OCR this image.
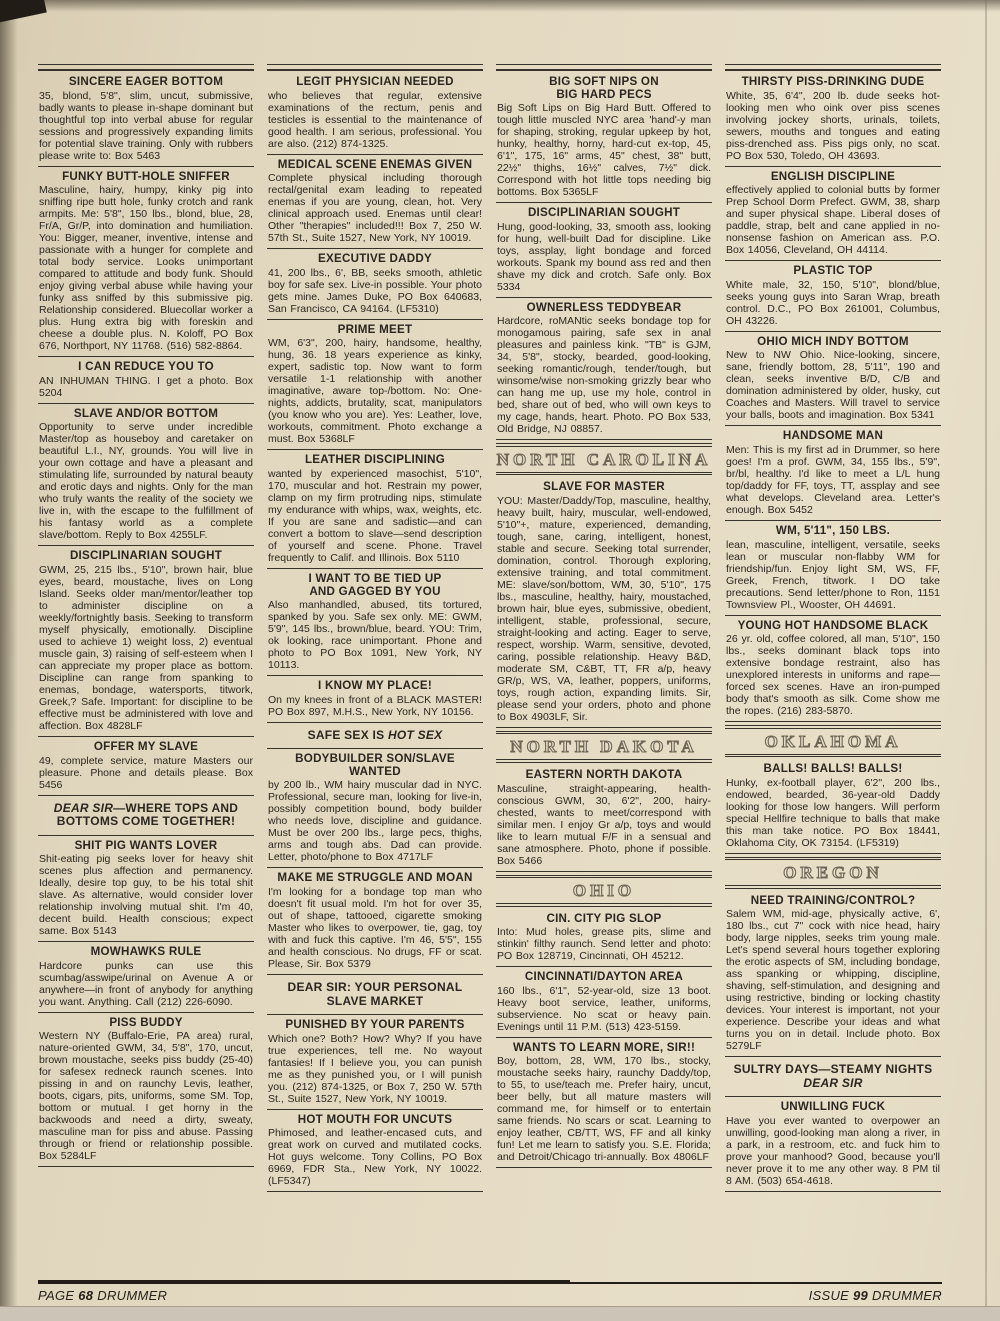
SINCERE EAGER BOTTOM

35, blond, 5'8", slim, uncut, submissive, badly wants to please in-shape dominant but thoughtful top into verbal abuse for regular sessions and progressively expanding limits for potential slave training. Only with rubbers please write to: Box 5463

FUNKY BUTT-HOLE SNIFFER

Masculine, hairy, humpy, kinky pig into sniffing ripe butt hole, funky crotch and rank armpits. Me: 5'8", 150 lbs., blond, blue, 28, Fr/A, Gr/P, into domination and humiliation. You: Bigger, meaner, inventive, intense and passionate with a hunger for complete and total body service. Looks unimportant compared to attitude and body funk. Should enjoy giving verbal abuse while having your funky ass sniffed by this submissive pig. Relationship considered. Bluecollar worker a plus. Hung extra big with foreskin and cheese a double plus. N. Koloff, PO Box 676, Northport, NY 11768. (516) 582-8864.

I CAN REDUCE YOU TO

AN INHUMAN THING. I get a photo. Box 5204

SLAVE AND/OR BOTTOM

Opportunity to serve under incredible Master/top as houseboy and caretaker on beautiful L.I., NY, grounds. You will live in your own cottage and have a pleasant and stimulating life, surrounded by natural beauty and erotic days and nights. Only for the man who truly wants the reality of the society we live in, with the escape to the fulfillment of his fantasy world as a complete slave/bottom. Reply to Box 4255LF.

DISCIPLINARIAN SOUGHT

GWM, 25, 215 lbs., 5'10", brown hair, blue eyes, beard, moustache, lives on Long Island. Seeks older man/mentor/leather top to administer discipline on a weekly/fortnightly basis. Seeking to transform myself physically, emotionally. Discipline used to achieve 1) weight loss, 2) eventual muscle gain, 3) raising of self-esteem when I can appreciate my proper place as bottom. Discipline can range from spanking to enemas, bondage, watersports, titwork, Greek,? Safe. Important: for discipline to be effective must be administered with love and affection. Box 4828LF

OFFER MY SLAVE

49, complete service, mature Masters our pleasure. Phone and details please. Box 5456

DEAR SIR—WHERE TOPS AND BOTTOMS COME TOGETHER!
SHIT PIG WANTS LOVER

Shit-eating pig seeks lover for heavy shit scenes plus affection and permanency. Ideally, desire top guy, to be his total shit slave. As alternative, would consider lover relationship involving mutual shit. I'm 40, decent build. Health conscious; expect same. Box 5143

MOWHAWKS RULE

Hardcore punks can use this scumbag/asswipe/urinal on Avenue A or anywhere—in front of anybody for anything you want. Anything. Call (212) 226-6090.

PISS BUDDY

Western NY (Buffalo-Erie, PA area) rural, nature-oriented GWM, 34, 5'8", 170, uncut, brown moustache, seeks piss buddy (25-40) for safesex redneck raunch scenes. Into pissing in and on raunchy Levis, leather, boots, cigars, pits, uniforms, some SM. Top, bottom or mutual. I get horny in the backwoods and need a dirty, sweaty, masculine man for piss and abuse. Passing through or friend or relationship possible. Box 5284LF

LEGIT PHYSICIAN NEEDED

who believes that regular, extensive examinations of the rectum, penis and testicles is essential to the maintenance of good health. I am serious, professional. You are also. (212) 874-1325.

MEDICAL SCENE ENEMAS GIVEN

Complete physical including thorough rectal/genital exam leading to repeated enemas if you are young, clean, hot. Very clinical approach used. Enemas until clear! Other "therapies" included!!! Box 7, 250 W. 57th St., Suite 1527, New York, NY 10019.

EXECUTIVE DADDY

41, 200 lbs., 6', BB, seeks smooth, athletic boy for safe sex. Live-in possible. Your photo gets mine. James Duke, PO Box 640683, San Francisco, CA 94164. (LF5310)

PRIME MEET

WM, 6'3", 200, hairy, handsome, healthy, hung, 36. 18 years experience as kinky, expert, sadistic top. Now want to form versatile 1-1 relationship with another imaginative, aware top-/bottom. No: One-nights, addicts, brutality, scat, manipulators (you know who you are). Yes: Leather, love, workouts, commitment. Photo exchange a must. Box 5368LF

LEATHER DISCIPLINING

wanted by experienced masochist, 5'10", 170, muscular and hot. Restrain my power, clamp on my firm protruding nips, stimulate my endurance with whips, wax, weights, etc. If you are sane and sadistic—and can convert a bottom to slave—send description of yourself and scene. Phone. Travel frequently to Calif. and Illinois. Box 5110

I WANT TO BE TIED UP
AND GAGGED BY YOU

Also manhandled, abused, tits tortured, spanked by you. Safe sex only. ME: GWM, 5'9", 145 lbs., brown/blue, beard. YOU: Trim, ok looking, race unimportant. Phone and photo to PO Box 1091, New York, NY 10113.

I KNOW MY PLACE!

On my knees in front of a BLACK MASTER! PO Box 897, M.H.S., New York, NY 10156.

SAFE SEX IS HOT SEX
BODYBUILDER SON/SLAVE
WANTED

by 200 lb., WM hairy muscular dad in NYC. Professional, secure man, looking for live-in, possibly competition bound, body builder who needs love, discipline and guidance. Must be over 200 lbs., large pecs, thighs, arms and tough abs. Dad can provide. Letter, photo/phone to Box 4717LF

MAKE ME STRUGGLE AND MOAN

I'm looking for a bondage top man who doesn't fit usual mold. I'm hot for over 35, out of shape, tattooed, cigarette smoking Master who likes to overpower, tie, gag, toy with and fuck this captive. I'm 46, 5'5", 155 and health conscious. No drugs, FF or scat. Please, Sir. Box 5379

DEAR SIR: YOUR PERSONAL
SLAVE MARKET
PUNISHED BY YOUR PARENTS

Which one? Both? How? Why? If you have true experiences, tell me. No wayout fantasies! If I believe you, you can punish me as they punished you, or I will punish you. (212) 874-1325, or Box 7, 250 W. 57th St., Suite 1527, New York, NY 10019.

HOT MOUTH FOR UNCUTS

Phimosed, and leather-encased cuts, and great work on curved and mutilated cocks. Hot guys welcome. Tony Collins, PO Box 6969, FDR Sta., New York, NY 10022. (LF5347)

BIG SOFT NIPS ON
BIG HARD PECS

Big Soft Lips on Big Hard Butt. Offered to tough little muscled NYC area 'hand'-y man for shaping, stroking, regular upkeep by hot, hunky, healthy, horny, hard-cut ex-top, 45, 6'1", 175, 16" arms, 45" chest, 38" butt, 22½" thighs, 16½" calves, 7½" dick. Correspond with hot little tops needing big bottoms. Box 5365LF

DISCIPLINARIAN SOUGHT

Hung, good-looking, 33, smooth ass, looking for hung, well-built Dad for discipline. Like toys, assplay, light bondage and forced workouts. Spank my bound ass red and then shave my dick and crotch. Safe only. Box 5334

OWNERLESS TEDDYBEAR

Hardcore, roMANtic seeks bondage top for monogamous pairing, safe sex in anal pleasures and painless kink. "TB" is GJM, 34, 5'8", stocky, bearded, good-looking, seeking romantic/rough, tender/tough, but winsome/wise non-smoking grizzly bear who can hang me up, use my hole, control in bed, share out of bed, who will own keys to my cage, hands, heart. Photo. PO Box 533, Old Bridge, NJ 08857.

NORTH CAROLINA
SLAVE FOR MASTER

YOU: Master/Daddy/Top, masculine, healthy, heavy built, hairy, muscular, well-endowed, 5'10"+, mature, experienced, demanding, tough, sane, caring, intelligent, honest, stable and secure. Seeking total surrender, domination, control. Thorough exploring, extensive training, and total commitment. ME: slave/son/bottom, WM, 30, 5'10", 175 lbs., masculine, healthy, hairy, moustached, brown hair, blue eyes, submissive, obedient, intelligent, stable, professional, secure, straight-looking and acting. Eager to serve, respect, worship. Warm, sensitive, devoted, caring, possible relationship. Heavy B&D, moderate SM, C&BT, TT, FR a/p, heavy GR/p, WS, VA, leather, poppers, uniforms, toys, rough action, expanding limits. Sir, please send your orders, photo and phone to Box 4903LF, Sir.

NORTH DAKOTA
EASTERN NORTH DAKOTA

Masculine, straight-appearing, health-conscious GWM, 30, 6'2", 200, hairy-chested, wants to meet/correspond with similar men. I enjoy Gr a/p, toys and would like to learn mutual F/F in a sensual and sane atmosphere. Photo, phone if possible. Box 5466

OHIO
CIN. CITY PIG SLOP

Into: Mud holes, grease pits, slime and stinkin' filthy raunch. Send letter and photo: PO Box 128719, Cincinnati, OH 45212.

CINCINNATI/DAYTON AREA

160 lbs., 6'1", 52-year-old, size 13 boot. Heavy boot service, leather, uniforms, subservience. No scat or heavy pain. Evenings until 11 P.M. (513) 423-5159.

WANTS TO LEARN MORE, SIR!!

Boy, bottom, 28, WM, 170 lbs., stocky, moustache seeks hairy, raunchy Daddy/top, to 55, to use/teach me. Prefer hairy, uncut, beer belly, but all mature masters will command me, for himself or to entertain same friends. No scars or scat. Learning to enjoy leather, CB/TT, WS, FF and all kinky fun! Let me learn to satisfy you. S.E. Florida; and Detroit/Chicago tri-annually. Box 4806LF

THIRSTY PISS-DRINKING DUDE

White, 35, 6'4", 200 lb. dude seeks hot-looking men who oink over piss scenes involving jockey shorts, urinals, toilets, sewers, mouths and tongues and eating piss-drenched ass. Piss pigs only, no scat. PO Box 530, Toledo, OH 43693.

ENGLISH DISCIPLINE

effectively applied to colonial butts by former Prep School Dorm Prefect. GWM, 38, sharp and super physical shape. Liberal doses of paddle, strap, belt and cane applied in no-nonsense fashion on American ass. P.O. Box 14056, Cleveland, OH 44114.

PLASTIC TOP

White male, 32, 150, 5'10", blond/blue, seeks young guys into Saran Wrap, breath control. D.C., PO Box 261001, Columbus, OH 43226.

OHIO MICH INDY BOTTOM

New to NW Ohio. Nice-looking, sincere, sane, friendly bottom, 28, 5'11", 190 and clean, seeks inventive B/D, C/B and domination administered by older, husky, cut Coaches and Masters. Will travel to service your balls, boots and imagination. Box 5341

HANDSOME MAN

Men: This is my first ad in Drummer, so here goes! I'm a prof. GWM, 34, 155 lbs., 5'9", br/bl, healthy. I'd like to meet a L/L hung top/daddy for FF, toys, TT, assplay and see what develops. Cleveland area. Letter's enough. Box 5452

WM, 5'11", 150 LBS.

lean, masculine, intelligent, versatile, seeks lean or muscular non-flabby WM for friendship/fun. Enjoy light SM, WS, FF, Greek, French, titwork. I DO take precautions. Send letter/phone to Ron, 1151 Townsview Pl., Wooster, OH 44691.

YOUNG HOT HANDSOME BLACK

26 yr. old, coffee colored, all man, 5'10", 150 lbs., seeks dominant black tops into extensive bondage restraint, also has unexplored interests in uniforms and rape—forced sex scenes. Have an iron-pumped body that's smooth as silk. Come show me the ropes. (216) 283-5870.

OKLAHOMA
BALLS! BALLS! BALLS!

Hunky, ex-football player, 6'2", 200 lbs., endowed, bearded, 36-year-old Daddy looking for those low hangers. Will perform special Hellfire technique to balls that make this man take notice. PO Box 18441, Oklahoma City, OK 73154. (LF5319)

OREGON
NEED TRAINING/CONTROL?

Salem WM, mid-age, physically active, 6', 180 lbs., cut 7" cock with nice head, hairy body, large nipples, seeks trim young male. Let's spend several hours together exploring the erotic aspects of SM, including bondage, ass spanking or whipping, discipline, shaving, self-stimulation, and designing and using restrictive, binding or locking chastity devices. Your interest is important, not your experience. Describe your ideas and what turns you on in detail. Include photo. Box 5279LF

SULTRY DAYS—STEAMY NIGHTS
DEAR SIR
UNWILLING FUCK

Have you ever wanted to overpower an unwilling, good-looking man along a river, in a park, in a restroom, etc. and fuck him to prove your manhood? Good, because you'll never prove it to me any other way. 8 PM til 8 AM. (503) 654-4618.

PAGE 68 DRUMMER	ISSUE 99 DRUMMER
